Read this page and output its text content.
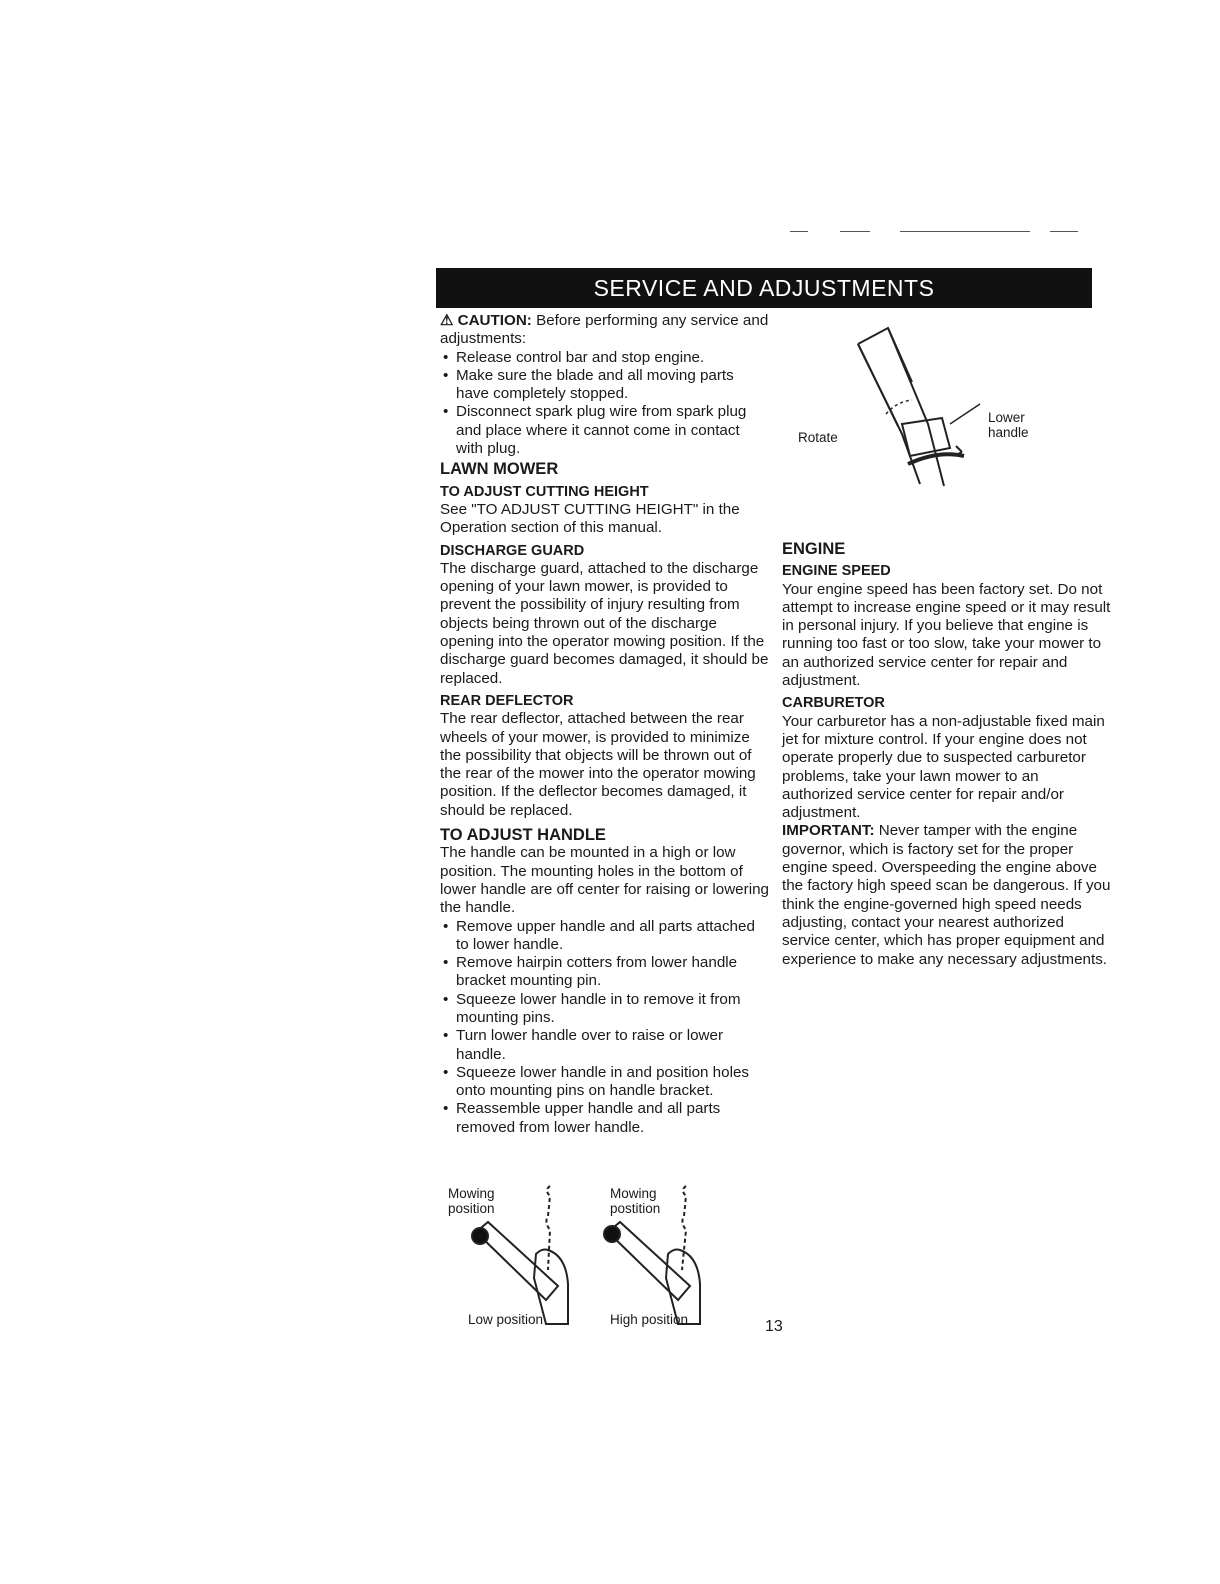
SERVICE AND ADJUSTMENTS

⚠ CAUTION: Before performing any service and adjustments:

• Release control bar and stop engine.
• Make sure the blade and all moving parts have completely stopped.
• Disconnect spark plug wire from spark plug and place where it cannot come in contact with plug.
LAWN MOWER
TO ADJUST CUTTING HEIGHT

See "TO ADJUST CUTTING HEIGHT" in the Operation section of this manual.

DISCHARGE GUARD

The discharge guard, attached to the discharge opening of your lawn mower, is provided to prevent the possibility of injury resulting from objects being thrown out of the discharge opening into the operator mowing position. If the discharge guard becomes damaged, it should be replaced.

REAR DEFLECTOR

The rear deflector, attached between the rear wheels of your mower, is provided to minimize the possibility that objects will be thrown out of the rear of the mower into the operator mowing position. If the deflector becomes damaged, it should be replaced.

TO ADJUST HANDLE

The handle can be mounted in a high or low position. The mounting holes in the bottom of lower handle are off center for raising or lowering the handle.

• Remove upper handle and all parts attached to lower handle.
• Remove hairpin cotters from lower handle bracket mounting pin.
• Squeeze lower handle in to remove it from mounting pins.
• Turn lower handle over to raise or lower handle.
• Squeeze lower handle in and position holes onto mounting pins on handle bracket.
• Reassemble upper handle and all parts removed from lower handle.
Mowing
position
Mowing
postition
Low position	High position
Rotate
Lower
handle
ENGINE
ENGINE SPEED

Your engine speed has been factory set. Do not attempt to increase engine speed or it may result in personal injury. If you believe that engine is running too fast or too slow, take your mower to an authorized service center for repair and adjustment.

CARBURETOR

Your carburetor has a non-adjustable fixed main jet for mixture control. If your engine does not operate properly due to suspected carburetor problems, take your lawn mower to an authorized service center for repair and/or adjustment.

IMPORTANT: Never tamper with the engine governor, which is factory set for the proper engine speed. Overspeeding the engine above the factory high speed scan be dangerous. If you think the engine-governed high speed needs adjusting, contact your nearest authorized service center, which has proper equipment and experience to make any necessary adjustments.

13
